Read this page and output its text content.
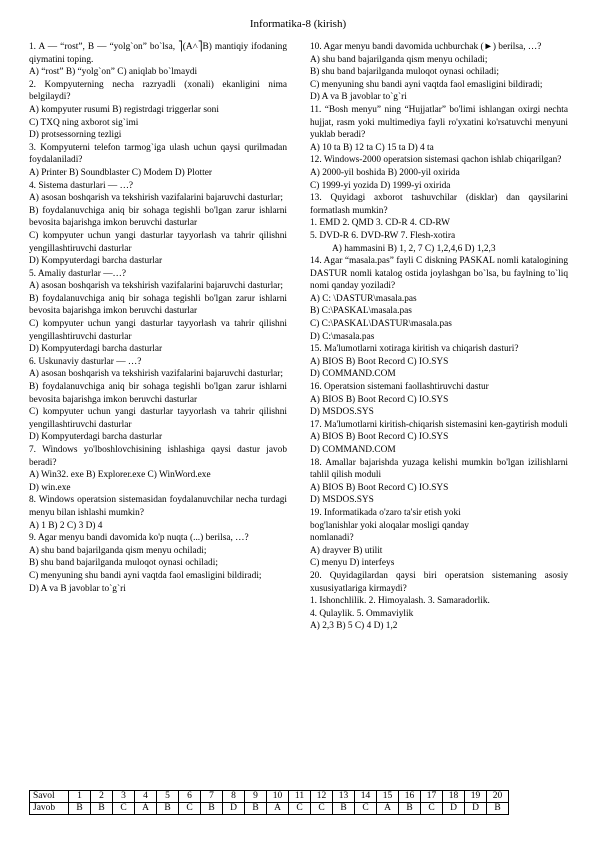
Informatika-8 (kirish)

1. A — “rost”, B — “yolg`on” bo`lsa, ⎤(A˄⎤B) mantiqiy ifodaning qiymatini toping.

A) “rost” B) “yolg`on” C) aniqlab bo`lmaydi

2. Kompyuterning necha razryadli (xonali) ekanligini nima belgilaydi?

A) kompyuter rusumi B) registrdagi triggerlar soni

C) TXQ ning axborot sig`imi

D) protsessorning tezligi

3. Kompyuterni telefon tarmog`iga ulash uchun qaysi qurilmadan foydalaniladi?

A) Printer B) Soundblaster C) Modem D) Plotter

4. Sistema dasturlari — …?

A) asosan boshqarish va tekshirish vazifalarini bajaruvchi dasturlar;

B) foydalanuvchiga aniq bir sohaga tegishli bo'lgan zarur ishlarni bevosita bajarishga imkon beruvchi dasturlar

C) kompyuter uchun yangi dasturlar tayyorlash va tahrir qilishni yengillashtiruvchi dasturlar

D) Kompyuterdagi barcha dasturlar

5. Amaliy dasturlar —…?

A) asosan boshqarish va tekshirish vazifalarini bajaruvchi dasturlar;

B) foydalanuvchiga aniq bir sohaga tegishli bo'lgan zarur ishlarni bevosita bajarishga imkon beruvchi dasturlar

C) kompyuter uchun yangi dasturlar tayyorlash va tahrir qilishni yengillashtiruvchi dasturlar

D) Kompyuterdagi barcha dasturlar

6. Uskunaviy dasturlar — …?

A) asosan boshqarish va tekshirish vazifalarini bajaruvchi dasturlar;

B) foydalanuvchiga aniq bir sohaga tegishli bo'lgan zarur ishlarni bevosita bajarishga imkon beruvchi dasturlar

C) kompyuter uchun yangi dasturlar tayyorlash va tahrir qilishni yengillashtiruvchi dasturlar

D) Kompyuterdagi barcha dasturlar

7. Windows yo'lboshlovchisining ishlashiga qaysi dastur javob beradi?

A) Win32. exe B) Explorer.exe C) WinWord.exe

D) win.exe

8. Windows operatsion sistemasidan foydalanuvchilar necha turdagi menyu bilan ishlashi mumkin?

A) 1 B) 2 C) 3 D) 4

9. Agar menyu bandi davomida ko'p nuqta (...) berilsa, …?

A) shu band bajarilganda qism menyu ochiladi;

B) shu band bajarilganda muloqot oynasi ochiladi;

C) menyuning shu bandi ayni vaqtda faol emasligini bildiradi;

D) A va B javoblar to`g`ri

10. Agar menyu bandi davomida uchburchak (►) berilsa, …?

A) shu band bajarilganda qism menyu ochiladi;

B) shu band bajarilganda muloqot oynasi ochiladi;

C) menyuning shu bandi ayni vaqtda faol emasligini bildiradi;

D) A va B javoblar to`g`ri

11. “Bosh menyu” ning “Hujjatlar” bo'limi ishlangan oxirgi nechta hujjat, rasm yoki multimediya fayli ro'yxatini ko'rsatuvchi menyuni yuklab beradi?

A) 10 ta B) 12 ta C) 15 ta D) 4 ta

12. Windows-2000 operatsion sistemasi qachon ishlab chiqarilgan?

A) 2000-yil boshida B) 2000-yil oxirida

C) 1999-yi yozida D) 1999-yi oxirida

13. Quyidagi axborot tashuvchilar (disklar) dan qaysilarini formatlash mumkin?

1. EMD 2. QMD 3. CD-R 4. CD-RW

5. DVD-R 6. DVD-RW 7. Flesh-xotira

A) hammasini B) 1, 2, 7 C) 1,2,4,6 D) 1,2,3

14. Agar “masala.pas” fayli C diskning PASKAL nomli katalogining DASTUR nomli katalog ostida joylashgan bo`lsa, bu faylning to`liq nomi qanday yoziladi?

A) C: \DASTUR\masala.pas

B) C:\PASKAL\masala.pas

C) C:\PASKAL\DASTUR\masala.pas

D) C:\masala.pas

15. Ma'lumotlarni xotiraga kiritish va chiqarish dasturi?

A) BIOS B) Boot Record C) IO.SYS

D) COMMAND.COM

16. Operatsion sistemani faollashtiruvchi dastur

A) BIOS B) Boot Record C) IO.SYS

D) MSDOS.SYS

17. Ma'lumotlarni kiritish-chiqarish sistemasini ken-gaytirish moduli

A) BIOS B) Boot Record C) IO.SYS

D) COMMAND.COM

18. Amallar bajarishda yuzaga kelishi mumkin bo'lgan izilishlarni tahlil qilish moduli

A) BIOS B) Boot Record C) IO.SYS

D) MSDOS.SYS

19. Informatikada o'zaro ta'sir etish yoki

bog'lanishlar yoki aloqalar mosligi qanday

nomlanadi?

A) drayver B) utilit

C) menyu D) interfeys

20. Quyidagilardan qaysi biri operatsion sistemaning asosiy xususiyatlariga kirmaydi?

1. Ishonchlilik. 2. Himoyalash. 3. Samaradorlik.

4. Qulaylik. 5. Ommaviylik

A) 2,3 B) 5 C) 4 D) 1,2

Savol	1	2	3	4	5	6	7	8	9	10	11	12	13	14	15	16	17	18	19	20
Javob	B	B	C	A	B	C	B	D	B	A	C	C	B	C	A	B	C	D	D	B
